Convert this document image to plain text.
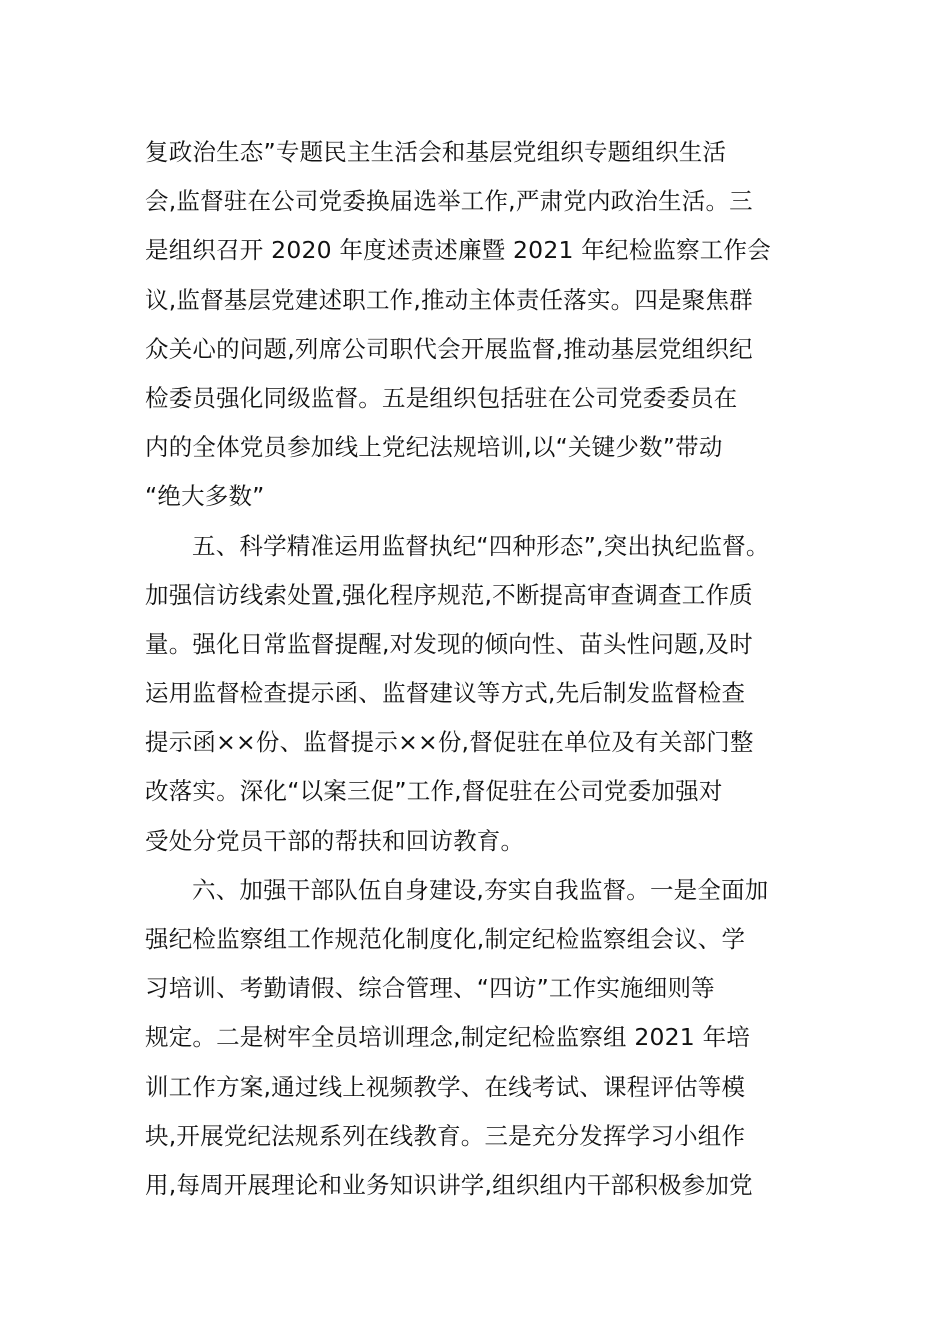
复政治生态”专题民主生活会和基层党组织专题组织生活
会,监督驻在公司党委换届选举工作,严肃党内政治生活。三
是组织召开 2020 年度述责述廉暨 2021 年纪检监察工作会
议,监督基层党建述职工作,推动主体责任落实。四是聚焦群
众关心的问题,列席公司职代会开展监督,推动基层党组织纪
检委员强化同级监督。五是组织包括驻在公司党委委员在
内的全体党员参加线上党纪法规培训,以“关键少数”带动
“绝大多数”
五、科学精准运用监督执纪“四种形态”,突出执纪监督。
加强信访线索处置,强化程序规范,不断提高审查调查工作质
量。强化日常监督提醒,对发现的倾向性、苗头性问题,及时
运用监督检查提示函、监督建议等方式,先后制发监督检查
提示函××份、监督提示××份,督促驻在单位及有关部门整
改落实。深化“以案三促”工作,督促驻在公司党委加强对
受处分党员干部的帮扶和回访教育。
六、加强干部队伍自身建设,夯实自我监督。一是全面加
强纪检监察组工作规范化制度化,制定纪检监察组会议、学
习培训、考勤请假、综合管理、“四访”工作实施细则等
规定。二是树牢全员培训理念,制定纪检监察组 2021 年培
训工作方案,通过线上视频教学、在线考试、课程评估等模
块,开展党纪法规系列在线教育。三是充分发挥学习小组作
用,每周开展理论和业务知识讲学,组织组内干部积极参加党
